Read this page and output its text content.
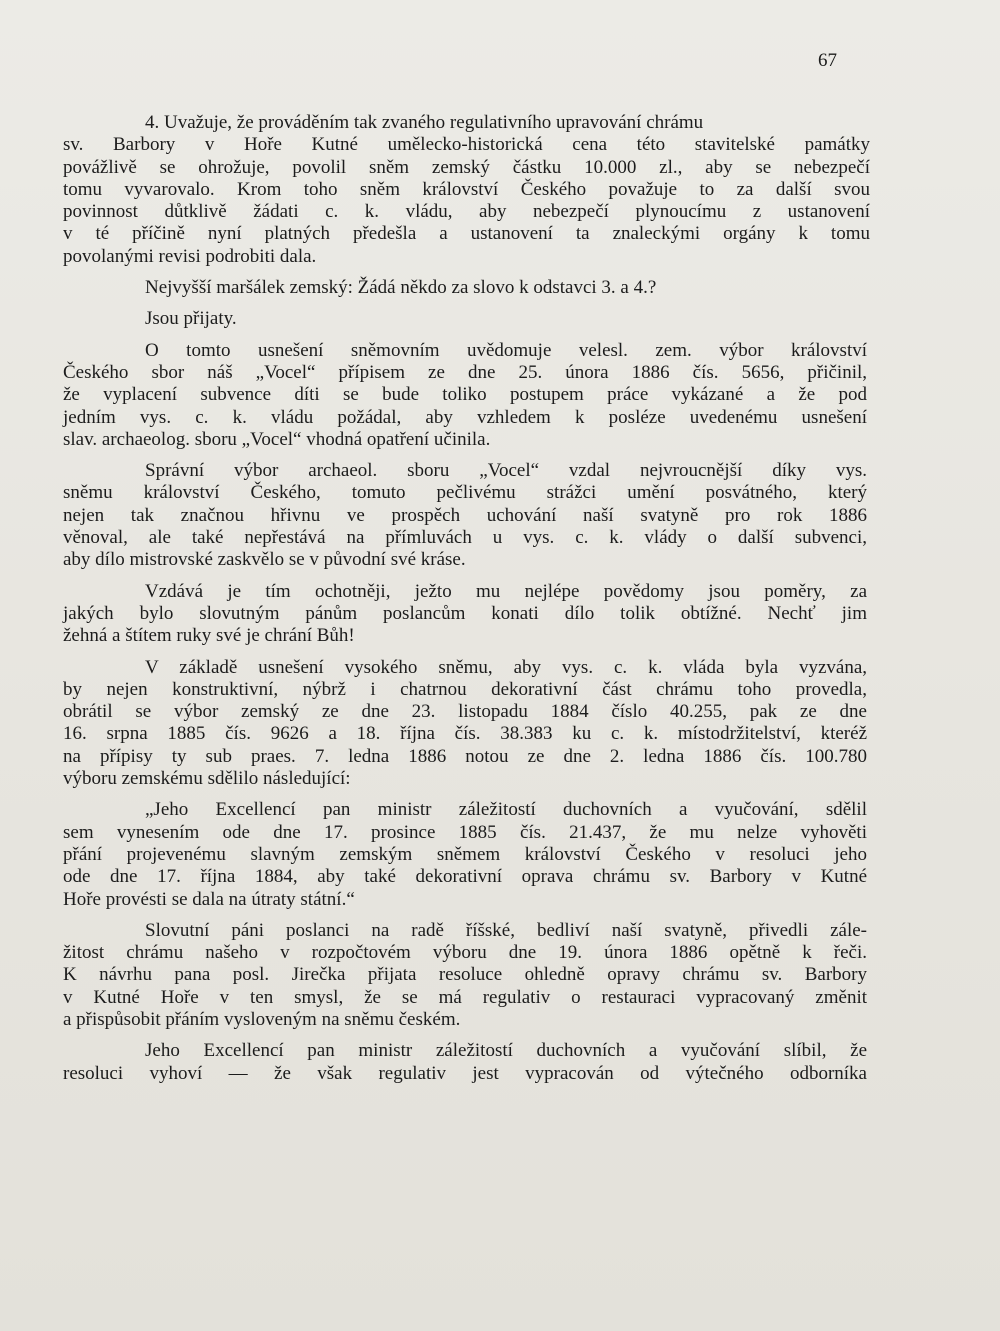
67
4. Uvažuje, že prováděním tak zvaného regulativního upravování chrámu
sv. Barbory v Hoře Kutné umělecko-historická cena této stavitelské památky
povážlivě se ohrožuje, povolil sněm zemský částku 10.000 zl., aby se nebezpečí
tomu vyvarovalo. Krom toho sněm království Českého považuje to za další svou
povinnost důtklivě žádati c. k. vládu, aby nebezpečí plynoucímu z ustanovení
v té příčině nyní platných předešla a ustanovení ta znaleckými orgány k tomu
povolanými revisi podrobiti dala.
Nejvyšší maršálek zemský: Žádá někdo za slovo k odstavci 3. a 4.?
Jsou přijaty.
O tomto usnešení sněmovním uvědomuje velesl. zem. výbor království
Českého sbor náš „Vocel“ přípisem ze dne 25. února 1886 čís. 5656, přičinil,
že vyplacení subvence díti se bude toliko postupem práce vykázané a že pod
jedním vys. c. k. vládu požádal, aby vzhledem k posléze uvedenému usnešení
slav. archaeolog. sboru „Vocel“ vhodná opatření učinila.
Správní výbor archaeol. sboru „Vocel“ vzdal nejvroucnější díky vys.
sněmu království Českého, tomuto pečlivému strážci umění posvátného, který
nejen tak značnou hřivnu ve prospěch uchování naší svatyně pro rok 1886
věnoval, ale také nepřestává na přímluvách u vys. c. k. vlády o další subvenci,
aby dílo mistrovské zaskvělo se v původní své kráse.
Vzdává je tím ochotněji, ježto mu nejlépe povědomy jsou poměry, za
jakých bylo slovutným pánům poslancům konati dílo tolik obtížné. Nechť jim
žehná a štítem ruky své je chrání Bůh!
V základě usnešení vysokého sněmu, aby vys. c. k. vláda byla vyzvána,
by nejen konstruktivní, nýbrž i chatrnou dekorativní část chrámu toho provedla,
obrátil se výbor zemský ze dne 23. listopadu 1884 číslo 40.255, pak ze dne
16. srpna 1885 čís. 9626 a 18. října čís. 38.383 ku c. k. místodržitelství, kteréž
na přípisy ty sub praes. 7. ledna 1886 notou ze dne 2. ledna 1886 čís. 100.780
výboru zemskému sdělilo následující:
„Jeho Excellencí pan ministr záležitostí duchovních a vyučování, sdělil
sem vynesením ode dne 17. prosince 1885 čís. 21.437, že mu nelze vyhověti
přání projevenému slavným zemským sněmem království Českého v resoluci jeho
ode dne 17. října 1884, aby také dekorativní oprava chrámu sv. Barbory v Kutné
Hoře provésti se dala na útraty státní.“
Slovutní páni poslanci na radě říšské, bedliví naší svatyně, přivedli zále-
žitost chrámu našeho v rozpočtovém výboru dne 19. února 1886 opětně k řeči.
K návrhu pana posl. Jirečka přijata resoluce ohledně opravy chrámu sv. Barbory
v Kutné Hoře v ten smysl, že se má regulativ o restauraci vypracovaný změnit
a přispůsobit přáním vysloveným na sněmu českém.
Jeho Excellencí pan ministr záležitostí duchovních a vyučování slíbil, že
resoluci vyhoví — že však regulativ jest vypracován od výtečného odborníka
